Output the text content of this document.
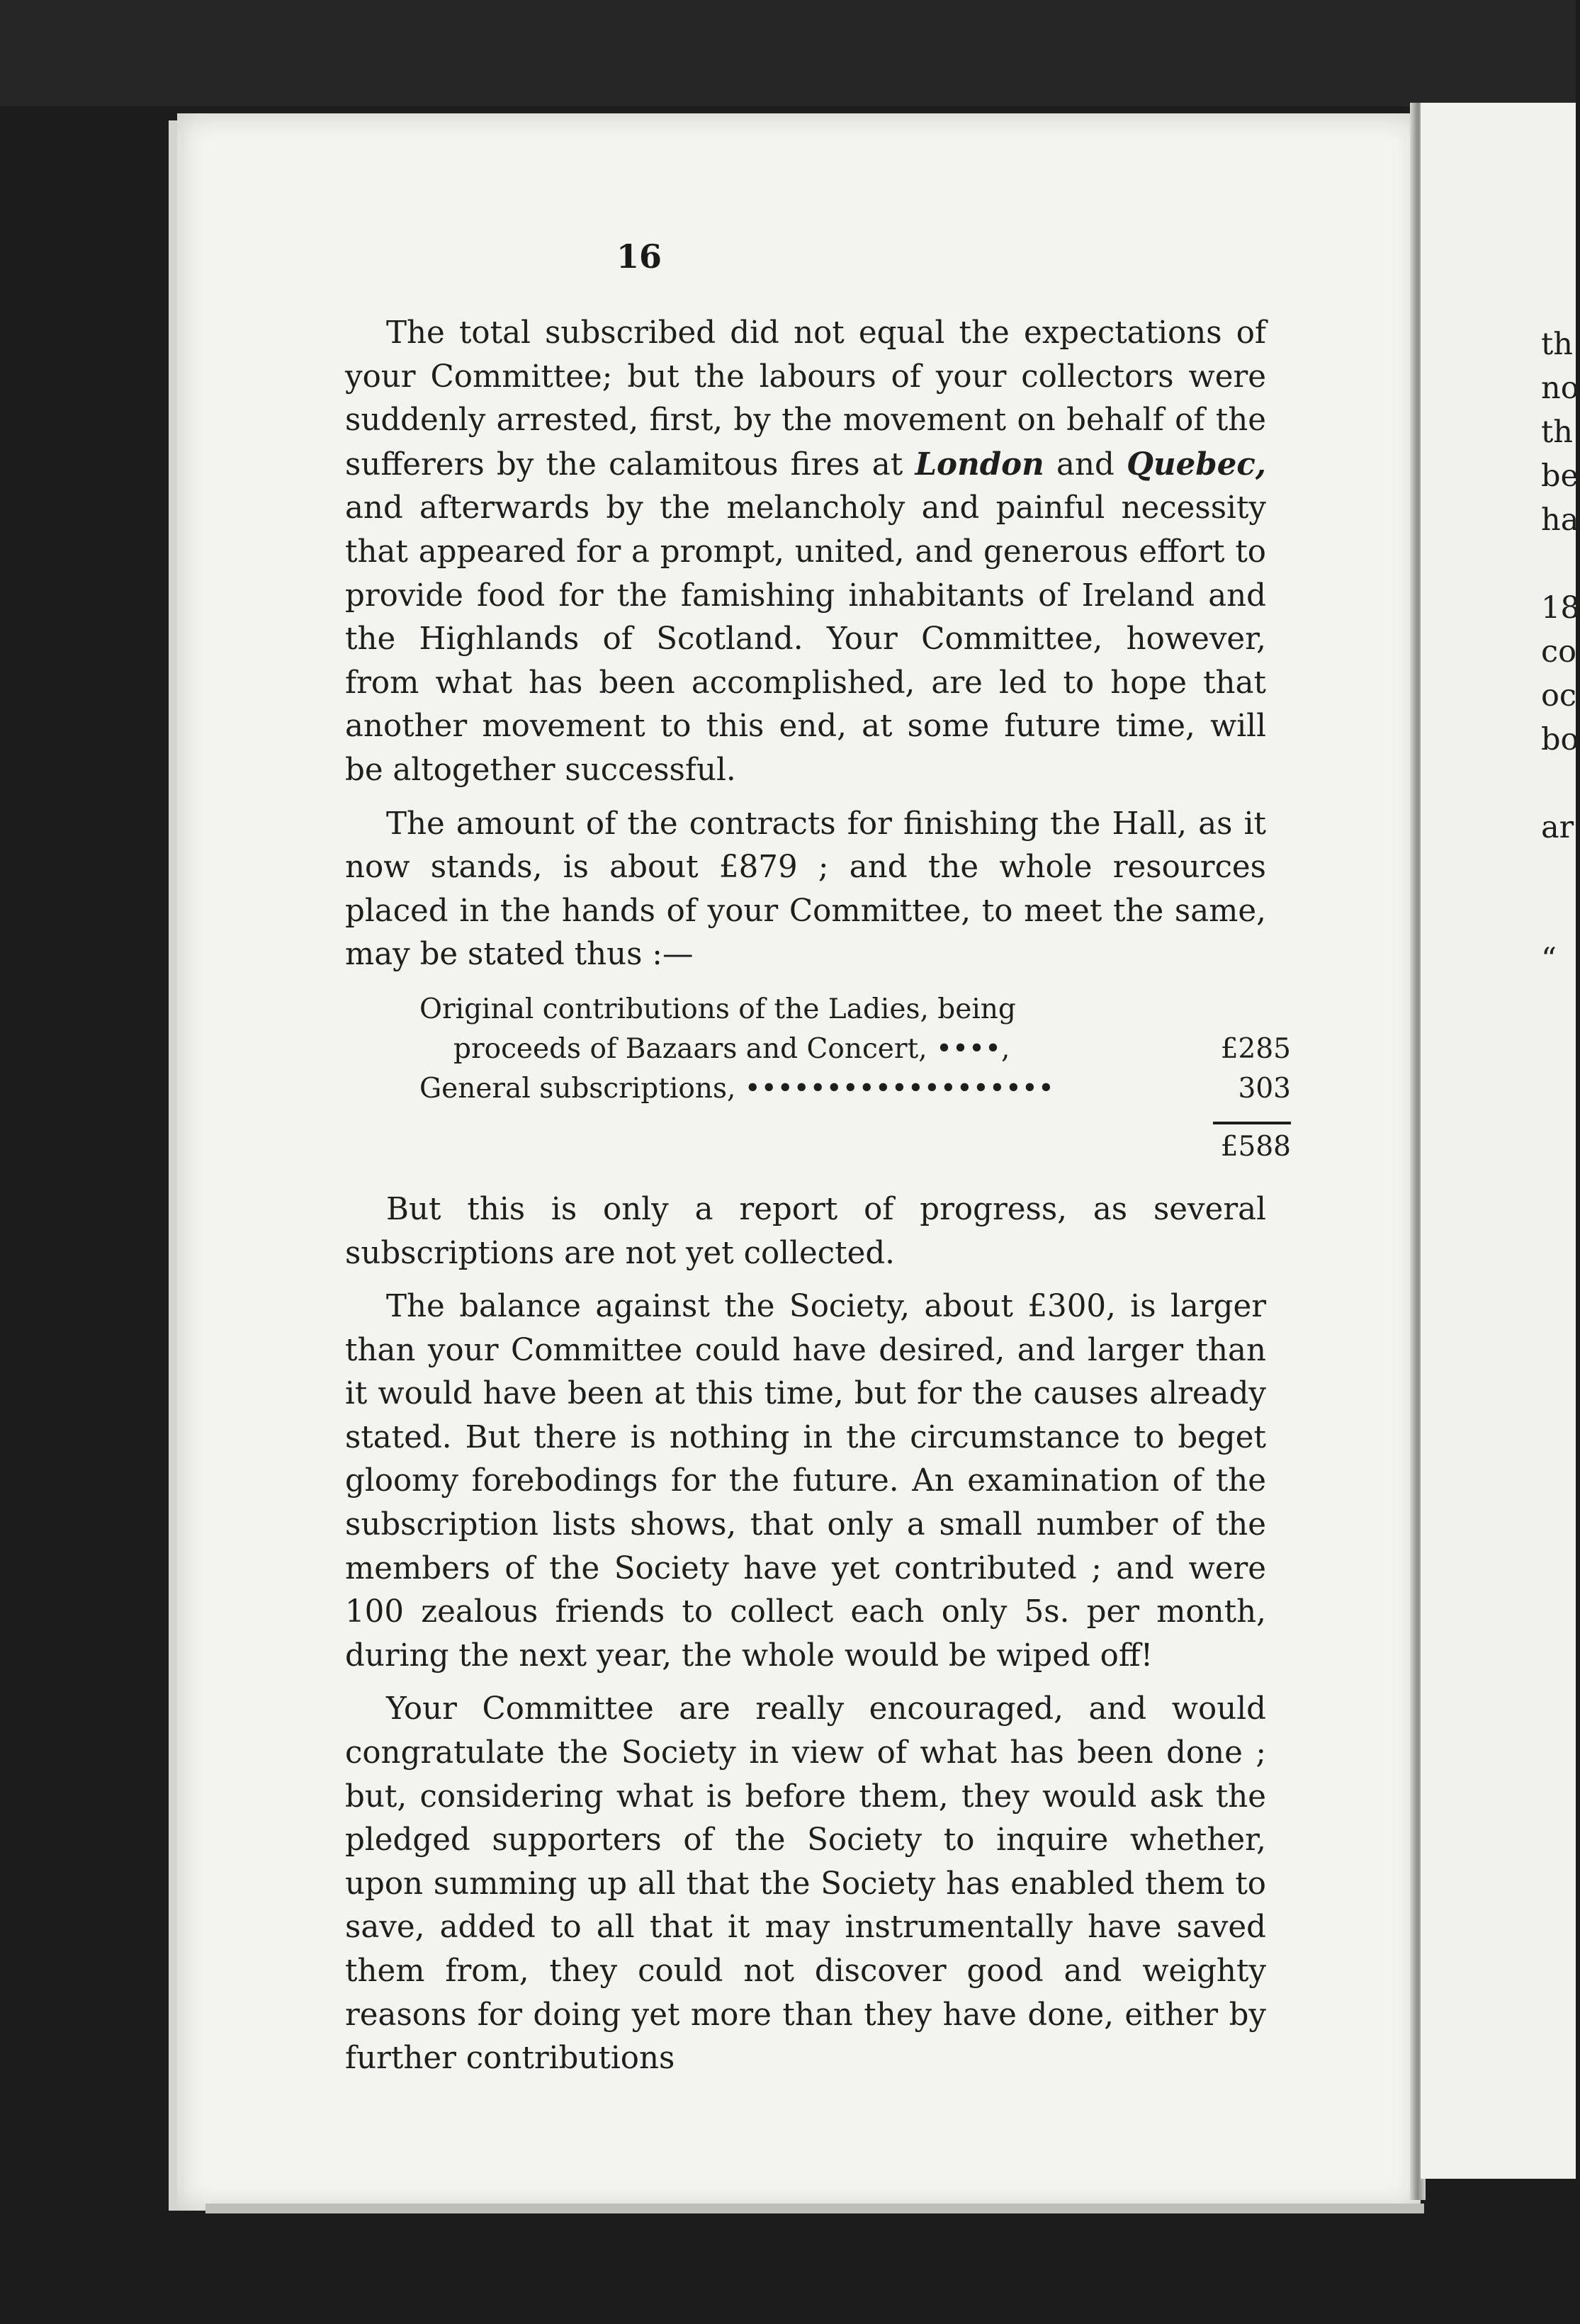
16

The total subscribed did not equal the expectations of your Committee; but the labours of your collectors were suddenly arrested, first, by the movement on behalf of the sufferers by the calamitous fires at London and Quebec, and afterwards by the melancholy and painful necessity that appeared for a prompt, united, and generous effort to provide food for the famishing inhabitants of Ireland and the Highlands of Scotland. Your Committee, however, from what has been accomplished, are led to hope that another movement to this end, at some future time, will be altogether successful.

The amount of the contracts for finishing the Hall, as it now stands, is about £879 ; and the whole resources placed in the hands of your Committee, to meet the same, may be stated thus :—

Original contributions of the Ladies, being
proceeds of Bazaars and Concert, ••••,	£285
General subscriptions, •••••••••••••••••••	303
£588

But this is only a report of progress, as several subscriptions are not yet collected.

The balance against the Society, about £300, is larger than your Committee could have desired, and larger than it would have been at this time, but for the causes already stated. But there is nothing in the circumstance to beget gloomy forebodings for the future. An examination of the subscription lists shows, that only a small number of the members of the Society have yet contributed ; and were 100 zealous friends to collect each only 5s. per month, during the next year, the whole would be wiped off!

Your Committee are really encouraged, and would congratulate the Society in view of what has been done ; but, considering what is before them, they would ask the pledged supporters of the Society to inquire whether, upon summing up all that the Society has enabled them to save, added to all that it may instrumentally have saved them from, they could not discover good and weighty reasons for doing yet more than they have done, either by further contributions

th
no
th
be
ha
18
co
oc
bo
ar
“
